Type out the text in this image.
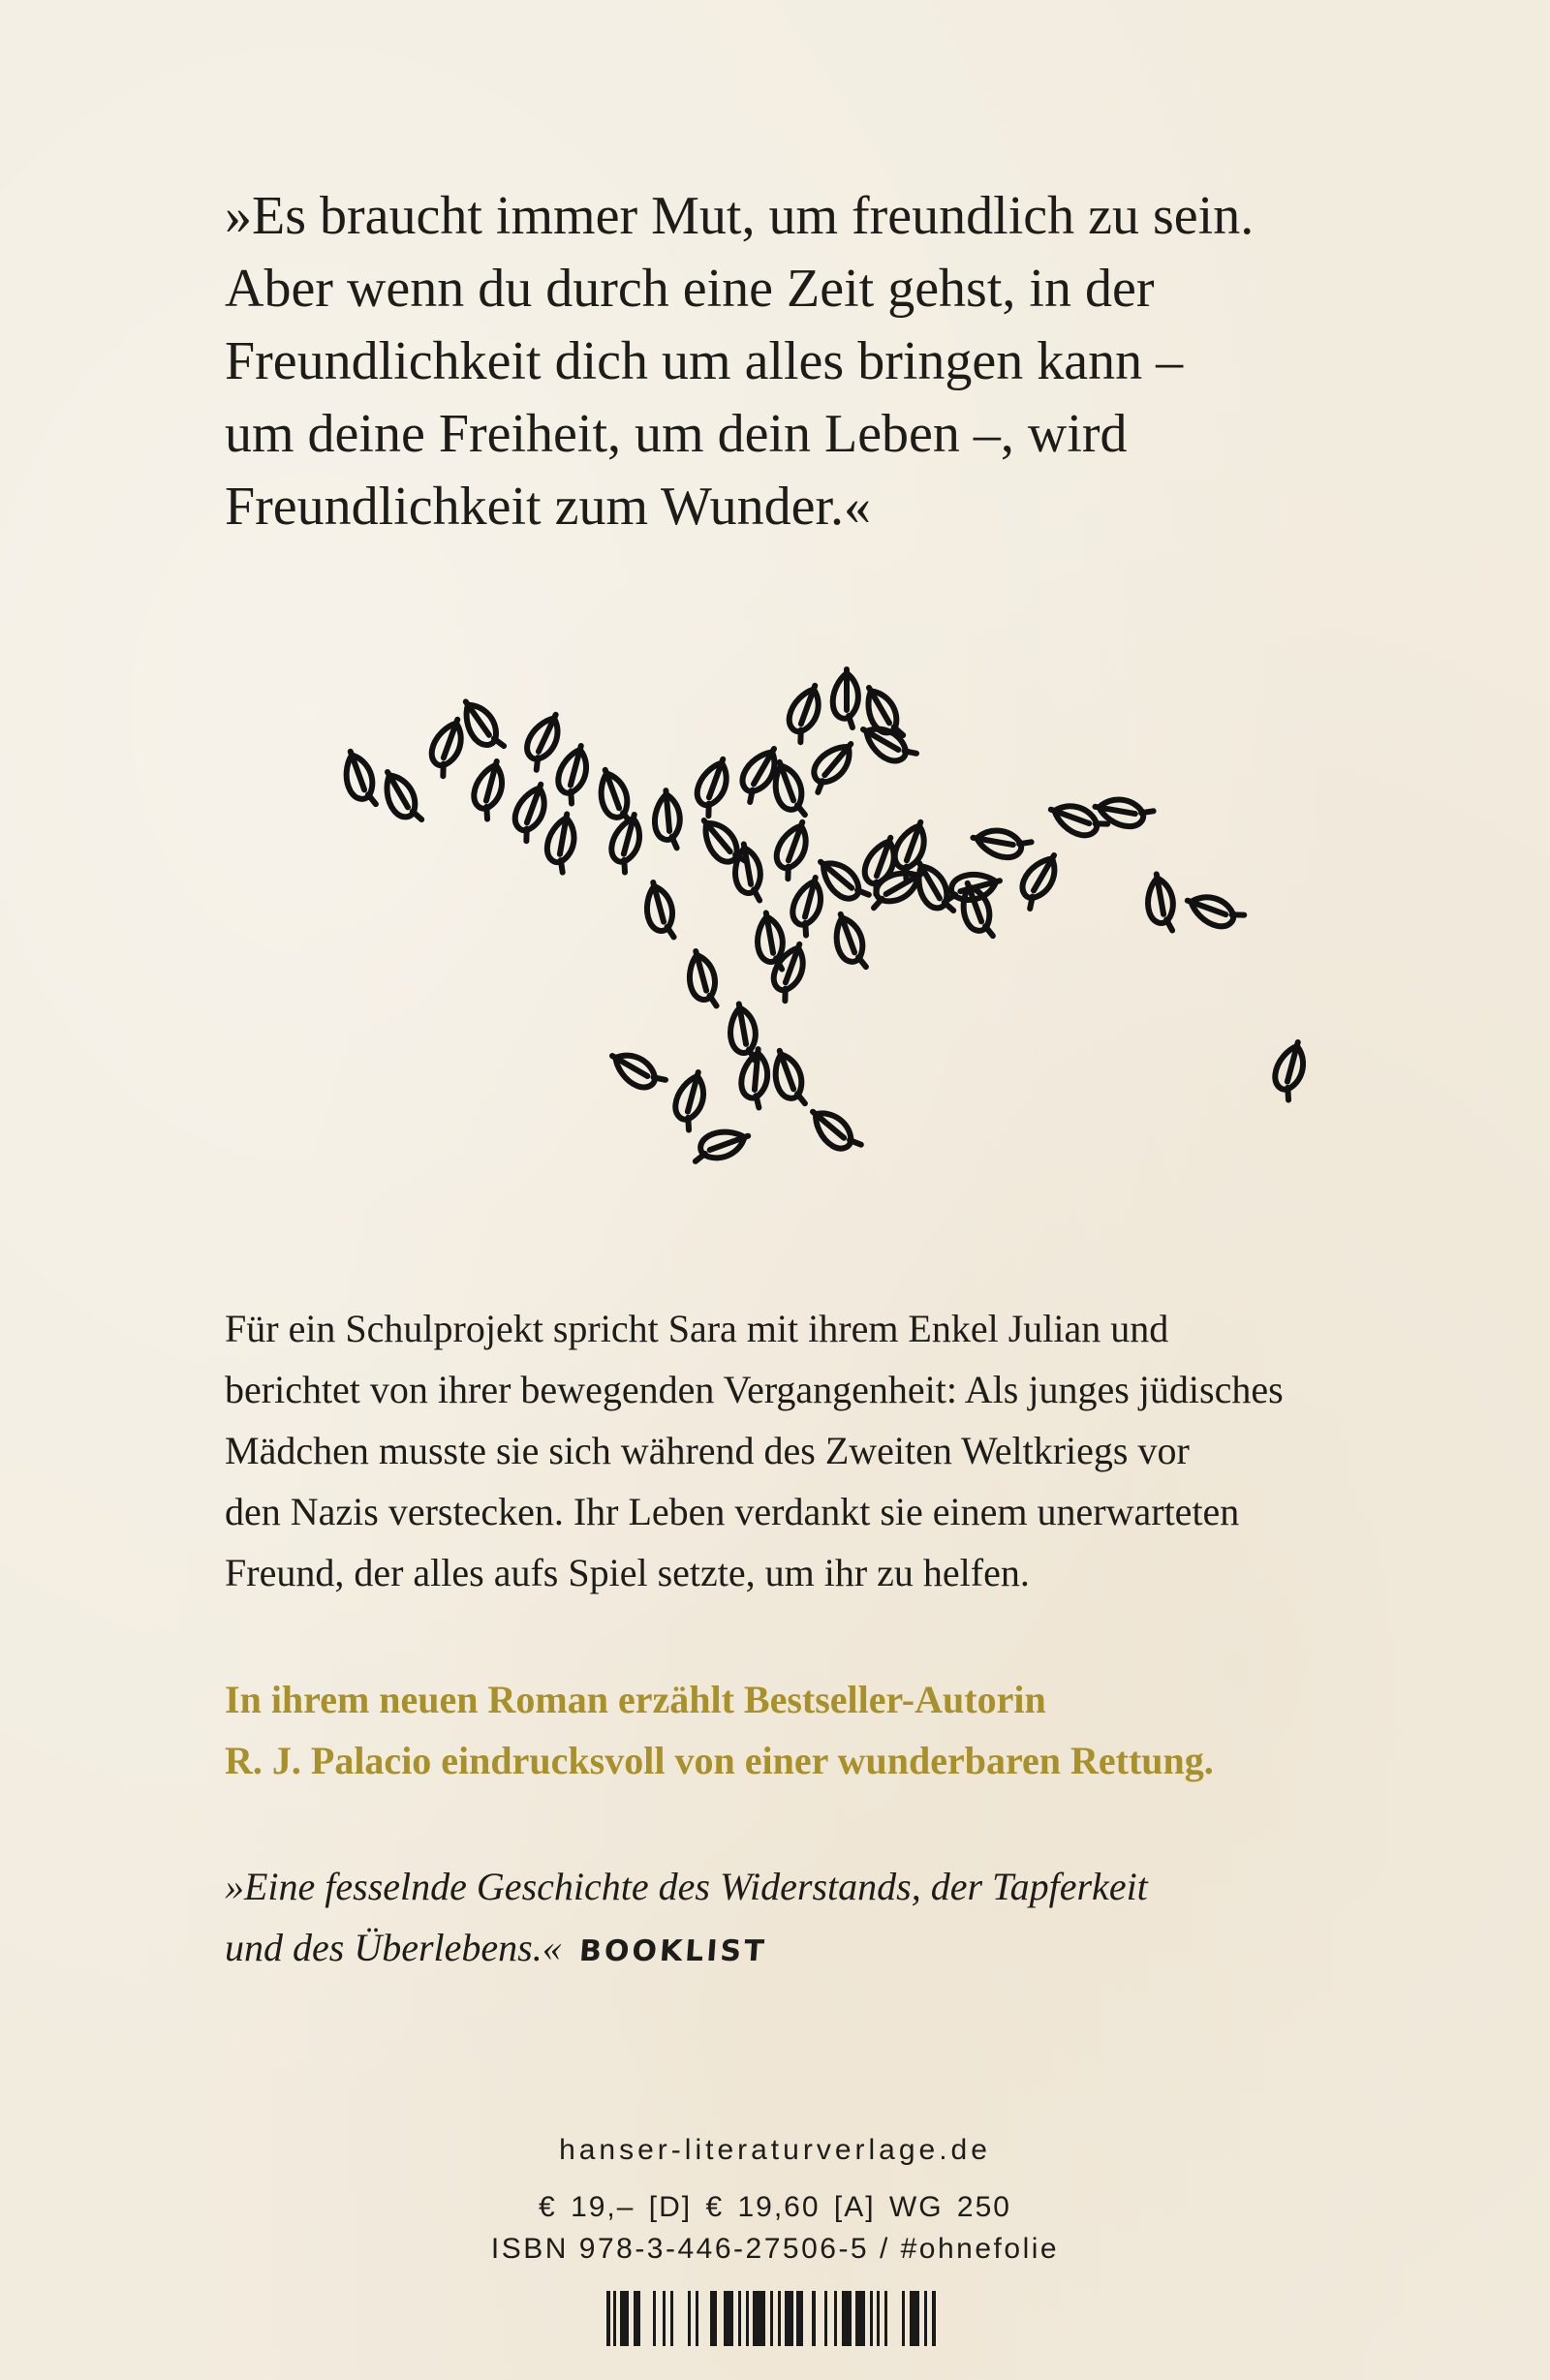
»Es braucht immer Mut, um freundlich zu sein.
Aber wenn du durch eine Zeit gehst, in der
Freundlichkeit dich um alles bringen kann –
um deine Freiheit, um dein Leben –, wird
Freundlichkeit zum Wunder.«
Für ein Schulprojekt spricht Sara mit ihrem Enkel Julian und
berichtet von ihrer bewegenden Vergangenheit: Als junges jüdisches
Mädchen musste sie sich während des Zweiten Weltkriegs vor
den Nazis verstecken. Ihr Leben verdankt sie einem unerwarteten
Freund, der alles aufs Spiel setzte, um ihr zu helfen.
In ihrem neuen Roman erzählt Bestseller-Autorin
R. J. Palacio eindrucksvoll von einer wunderbaren Rettung.
»Eine fesselnde Geschichte des Widerstands, der Tapferkeit
und des Überlebens.« BOOKLIST
hanser-literaturverlage.de
€ 19,– [D] € 19,60 [A] WG 250
ISBN 978-3-446-27506-5 / #ohnefolie
